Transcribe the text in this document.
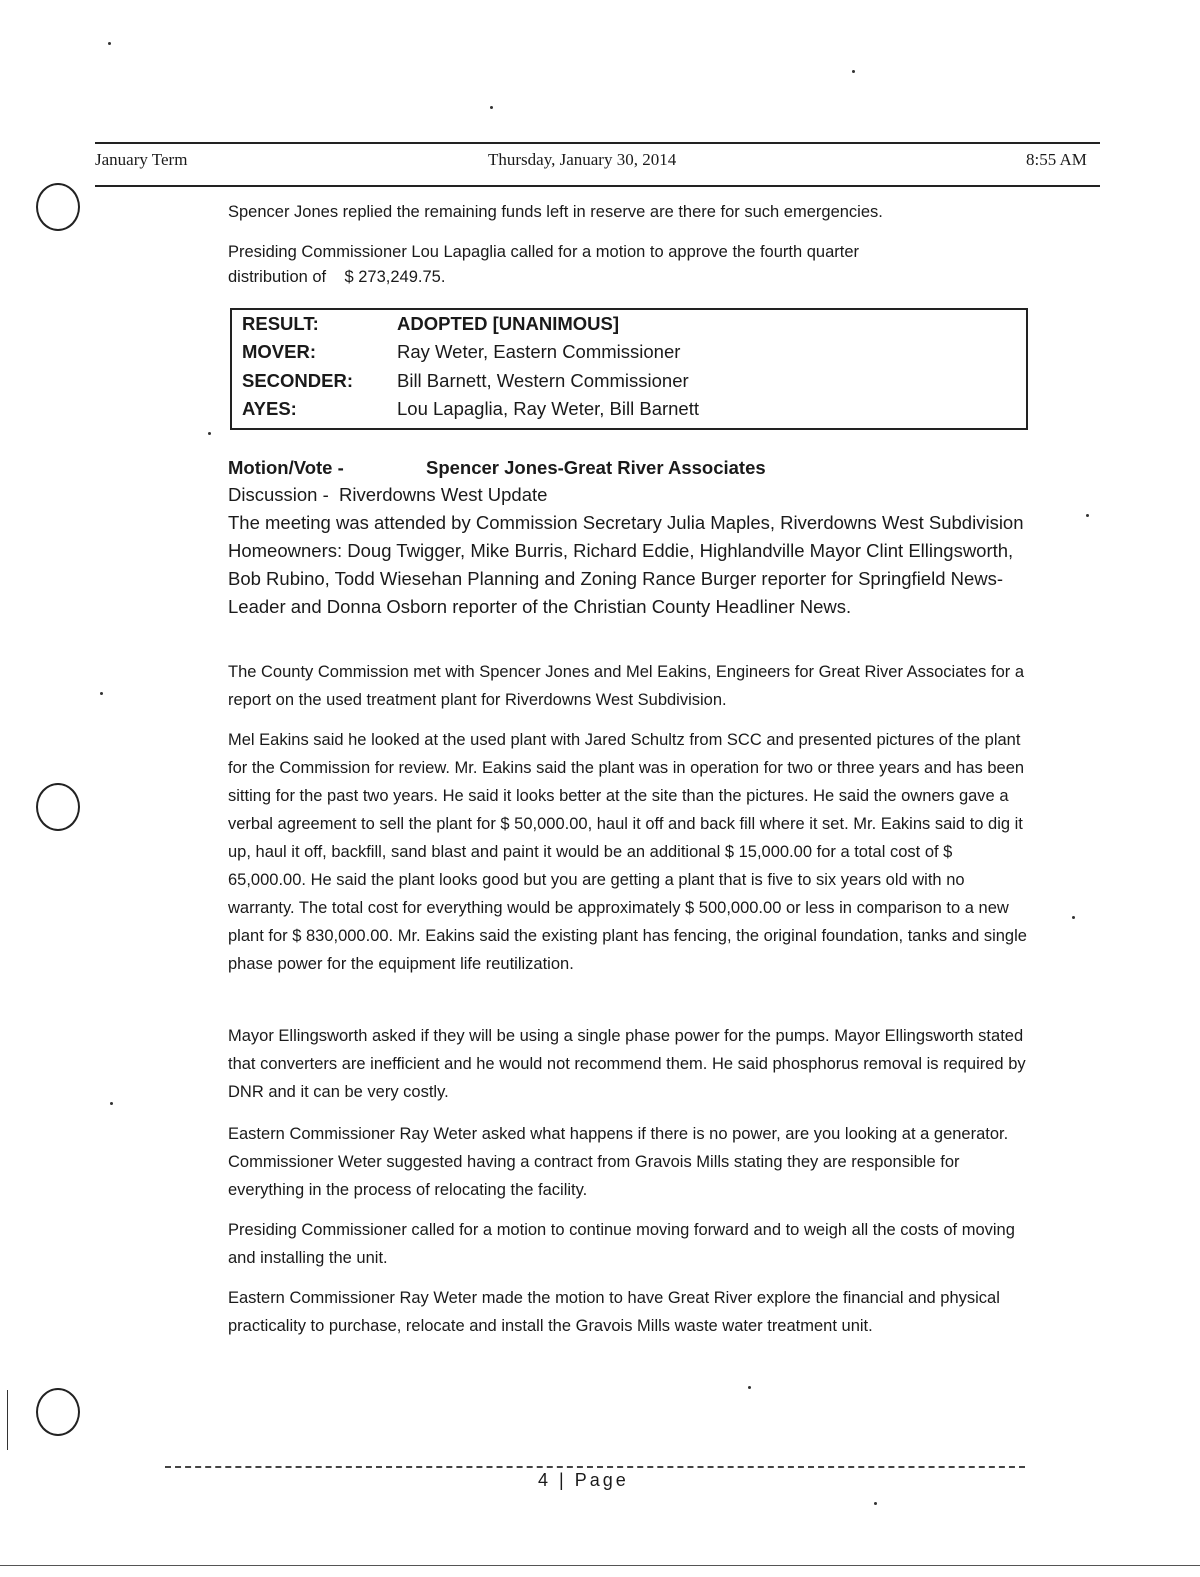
January Term	Thursday, January 30, 2014	8:55 AM

Spencer Jones replied the remaining funds left in reserve are there for such emergencies.

Presiding Commissioner Lou Lapaglia called for a motion to approve the fourth quarter

distribution of    $ 273,249.75.

RESULT:	ADOPTED [UNANIMOUS]
MOVER:	Ray Weter, Eastern Commissioner
SECONDER:	Bill Barnett, Western Commissioner
AYES:	Lou Lapaglia, Ray Weter, Bill Barnett
Motion/Vote -	Spencer Jones-Great River Associates

Discussion -  Riverdowns West Update

The meeting was attended by Commission Secretary Julia Maples, Riverdowns West Subdivision Homeowners: Doug Twigger, Mike Burris, Richard Eddie, Highlandville Mayor Clint Ellingsworth, Bob Rubino, Todd Wiesehan Planning and Zoning Rance Burger reporter for Springfield News-Leader and Donna Osborn reporter of the Christian County Headliner News.

The County Commission met with Spencer Jones and Mel Eakins, Engineers for Great River Associates for a report on the used treatment plant for Riverdowns West Subdivision.

Mel Eakins said he looked at the used plant with Jared Schultz from SCC and presented pictures of the plant for the Commission for review. Mr. Eakins said the plant was in operation for two or three years and has been sitting for the past two years. He said it looks better at the site than the pictures. He said the owners gave a verbal agreement to sell the plant for $ 50,000.00, haul it off and back fill where it set. Mr. Eakins said to dig it up, haul it off, backfill, sand blast and paint it would be an additional $ 15,000.00 for a total cost of $ 65,000.00. He said the plant looks good but you are getting a plant that is five to six years old with no warranty. The total cost for everything would be approximately $ 500,000.00 or less in comparison to a new plant for $ 830,000.00. Mr. Eakins said the existing plant has fencing, the original foundation, tanks and single phase power for the equipment life reutilization.

Mayor Ellingsworth asked if they will be using a single phase power for the pumps. Mayor Ellingsworth stated that converters are inefficient and he would not recommend them. He said phosphorus removal is required by DNR and it can be very costly.

Eastern Commissioner Ray Weter asked what happens if there is no power, are you looking at a generator. Commissioner Weter suggested having a contract from Gravois Mills stating they are responsible for everything in the process of relocating the facility.

Presiding Commissioner called for a motion to continue moving forward and to weigh all the costs of moving and installing the unit.

Eastern Commissioner Ray Weter made the motion to have Great River explore the financial and physical practicality to purchase, relocate and install the Gravois Mills waste water treatment unit.

4 | Page
